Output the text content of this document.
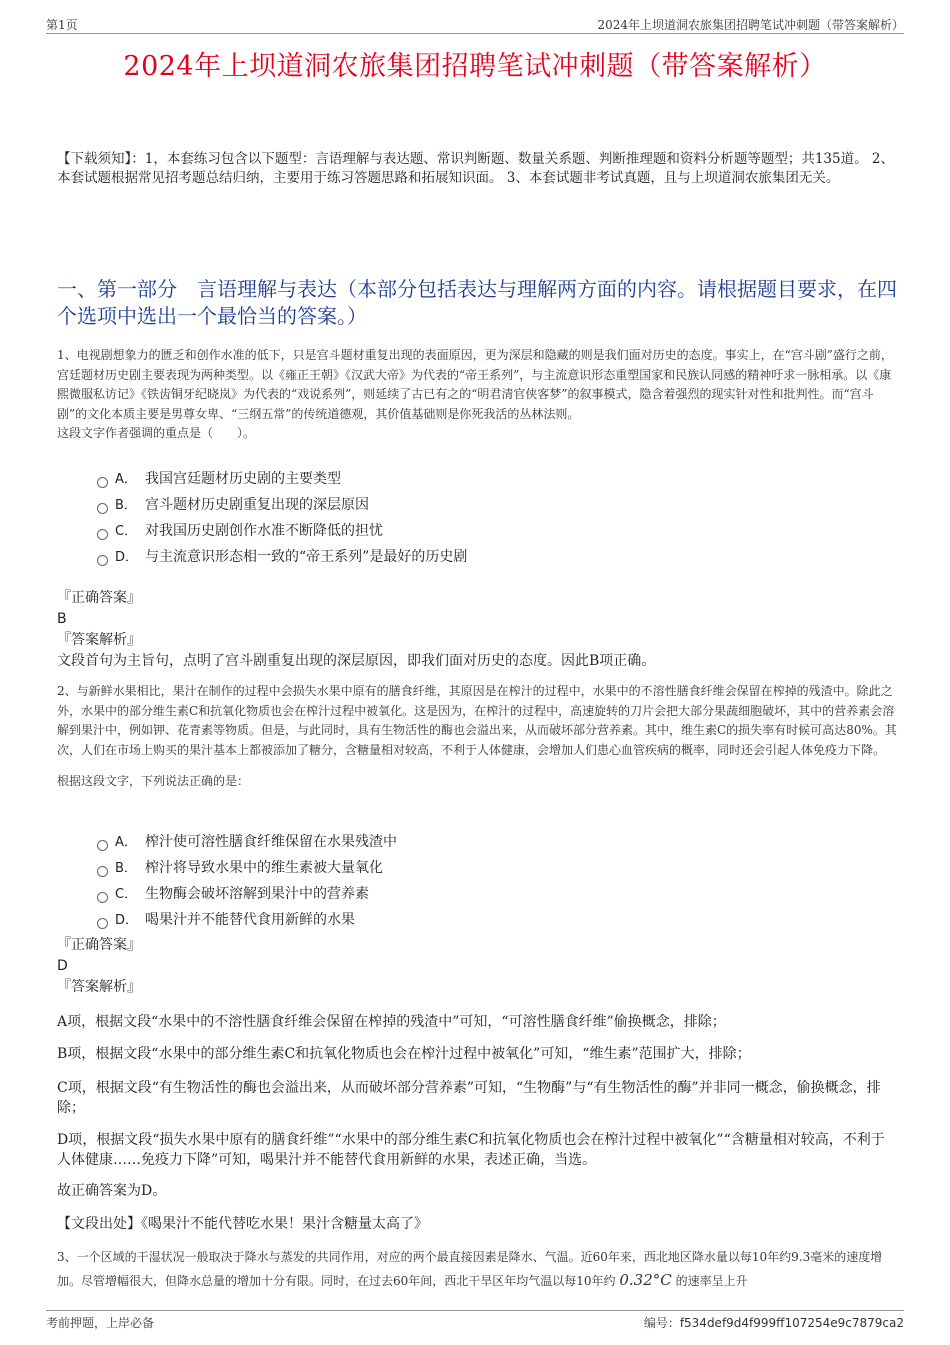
第1页	2024年上坝道洞农旅集团招聘笔试冲刺题（带答案解析）
2024年上坝道洞农旅集团招聘笔试冲刺题（带答案解析）
【下载须知】：1，本套练习包含以下题型：言语理解与表达题、常识判断题、数量关系题、判断推理题和资料分析题等题型；共135道。 2、本套试题根据常见招考题总结归纳，主要用于练习答题思路和拓展知识面。 3、本套试题非考试真题，且与上坝道洞农旅集团无关。
一、第一部分　言语理解与表达（本部分包括表达与理解两方面的内容。请根据题目要求，在四个选项中选出一个最恰当的答案。）
1、电视剧想象力的匮乏和创作水准的低下，只是宫斗题材重复出现的表面原因，更为深层和隐藏的则是我们面对历史的态度。事实上，在“宫斗剧”盛行之前，宫廷题材历史剧主要表现为两种类型。以《雍正王朝》《汉武大帝》为代表的“帝王系列”，与主流意识形态重塑国家和民族认同感的精神吁求一脉相承。以《康熙微服私访记》《铁齿铜牙纪晓岚》为代表的“戏说系列”，则延续了古已有之的“明君清官侠客梦”的叙事模式，隐含着强烈的现实针对性和批判性。而“宫斗剧”的文化本质主要是男尊女卑、“三纲五常”的传统道德观，其价值基础则是你死我活的丛林法则。
这段文字作者强调的重点是（　　）。
A． 我国宫廷题材历史剧的主要类型
B． 宫斗题材历史剧重复出现的深层原因
C． 对我国历史剧创作水准不断降低的担忧
D． 与主流意识形态相一致的“帝王系列”是最好的历史剧
『正确答案』
B
『答案解析』
文段首句为主旨句，点明了宫斗剧重复出现的深层原因，即我们面对历史的态度。因此B项正确。
2、与新鲜水果相比，果汁在制作的过程中会损失水果中原有的膳食纤维，其原因是在榨汁的过程中，水果中的不溶性膳食纤维会保留在榨掉的残渣中。除此之外，水果中的部分维生素C和抗氧化物质也会在榨汁过程中被氧化。这是因为，在榨汁的过程中，高速旋转的刀片会把大部分果蔬细胞破坏，其中的营养素会溶解到果汁中，例如钾、花青素等物质。但是，与此同时，具有生物活性的酶也会溢出来，从而破坏部分营养素。其中，维生素C的损失率有时候可高达80%。其次，人们在市场上购买的果汁基本上都被添加了糖分，含糖量相对较高，不利于人体健康，会增加人们患心血管疾病的概率，同时还会引起人体免疫力下降。
根据这段文字，下列说法正确的是：
A． 榨汁使可溶性膳食纤维保留在水果残渣中
B． 榨汁将导致水果中的维生素被大量氧化
C． 生物酶会破坏溶解到果汁中的营养素
D． 喝果汁并不能替代食用新鲜的水果
『正确答案』
D
『答案解析』
A项，根据文段“水果中的不溶性膳食纤维会保留在榨掉的残渣中”可知，“可溶性膳食纤维”偷换概念，排除；
B项，根据文段“水果中的部分维生素C和抗氧化物质也会在榨汁过程中被氧化”可知，“维生素”范围扩大，排除；
C项，根据文段“有生物活性的酶也会溢出来，从而破坏部分营养素”可知，“生物酶”与“有生物活性的酶”并非同一概念，偷换概念，排除；
D项，根据文段“损失水果中原有的膳食纤维”“水果中的部分维生素C和抗氧化物质也会在榨汁过程中被氧化”“含糖量相对较高，不利于人体健康……免疫力下降”可知，喝果汁并不能替代食用新鲜的水果，表述正确，当选。
故正确答案为D。
【文段出处】《喝果汁不能代替吃水果！果汁含糖量太高了》
3、一个区域的干湿状况一般取决于降水与蒸发的共同作用，对应的两个最直接因素是降水、气温。近60年来，西北地区降水量以每10年约9.3毫米的速度增加。尽管增幅很大，但降水总量的增加十分有限。同时，在过去60年间，西北干旱区年均气温以每10年约 0.32°C 的速率呈上升
考前押题，上岸必备	编号：f534def9d4f999ff107254e9c7879ca2
